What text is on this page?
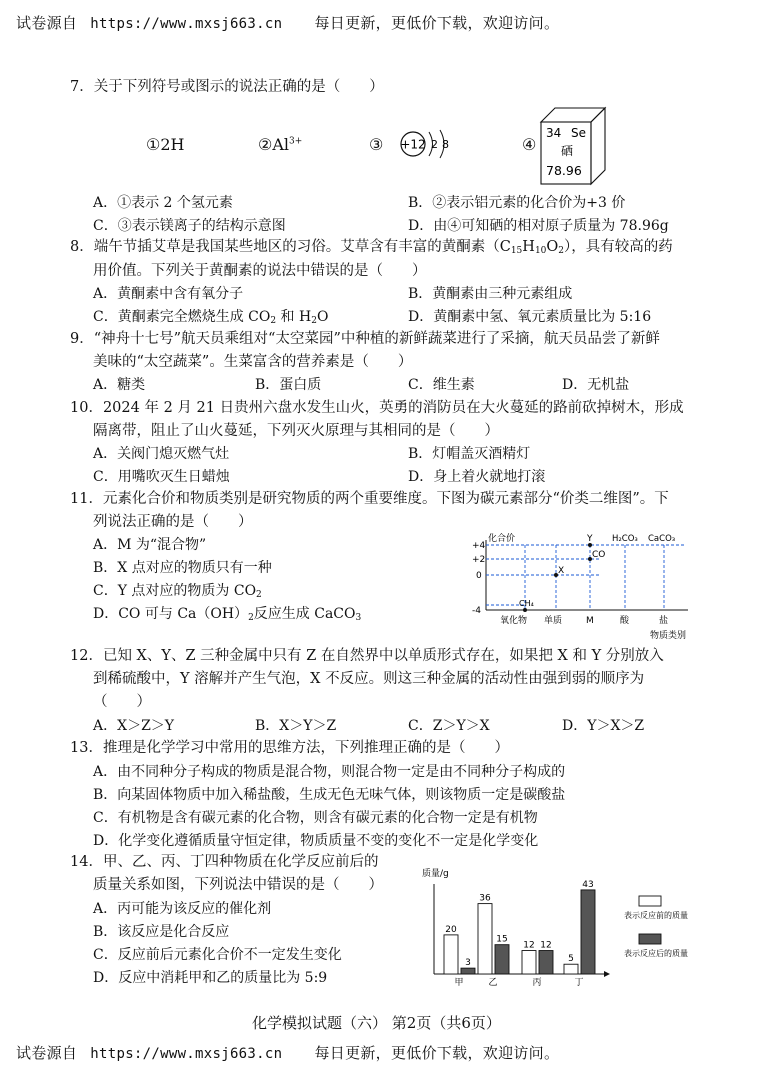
试卷源自 https://www.mxsj663.cn 每日更新，更低价下载，欢迎访问。
7．关于下列符号或图示的说法正确的是（　　）
①2H	$②Al^{3+}$	③ +12 2 8	④
34 Se
硒
78.96
A．①表示 2 个氢元素	B．②表示铝元素的化合价为+3 价
C．③表示镁离子的结构示意图	D．由④可知硒的相对原子质量为 78.96g
8．端午节插艾草是我国某些地区的习俗。艾草含有丰富的黄酮素$(C_{15}H_{10}O_2)$，具有较高的药
用价值。下列关于黄酮素的说法中错误的是（　　）
A．黄酮素中含有氧分子	B．黄酮素由三种元素组成
C．黄酮素完全燃烧生成 $CO_2$ 和 $H_2O$	D．黄酮素中氢、氧元素质量比为 5:16
9．“神舟十七号”航天员乘组对“太空菜园”中种植的新鲜蔬菜进行了采摘，航天员品尝了新鲜
美味的“太空蔬菜”。生菜富含的营养素是（　　）
A．糖类	B．蛋白质	C．维生素	D．无机盐
10．2024 年 2 月 21 日贵州六盘水发生山火，英勇的消防员在大火蔓延的路前砍掉树木，形成
隔离带，阻止了山火蔓延，下列灭火原理与其相同的是（　　）
A．关阀门熄灭燃气灶	B．灯帽盖灭酒精灯
C．用嘴吹灭生日蜡烛	D．身上着火就地打滚
11．元素化合价和物质类别是研究物质的两个重要维度。下图为碳元素部分“价类二维图”。下
列说法正确的是（　　）
A．M 为“混合物”
B．X 点对应的物质只有一种
C．Y 点对应的物质为 $CO_2$
D．CO 可与 $Ca(OH)_2$反应生成 CaCO$_3$
化合价
+4
+2
0
-4
Y
CO
X
CH₄
H₂CO₃ CaCO₃
氧化物 单质	M	酸	盐
物质类别
12．已知 X、Y、Z 三种金属中只有 Z 在自然界中以单质形式存在，如果把 X 和 Y 分别放入
到稀硫酸中，Y 溶解并产生气泡，X 不反应。则这三种金属的活动性由强到弱的顺序为
（　　）
A．X＞Z＞Y	B．X＞Y＞Z	C．Z＞Y＞X	D．Y＞X＞Z
13．推理是化学学习中常用的思维方法，下列推理正确的是（　　）
A．由不同种分子构成的物质是混合物，则混合物一定是由不同种分子构成的
B．向某固体物质中加入稀盐酸，生成无色无味气体，则该物质一定是碳酸盐
C．有机物是含有碳元素的化合物，则含有碳元素的化合物一定是有机物
D．化学变化遵循质量守恒定律，物质质量不变的变化不一定是化学变化
14．甲、乙、丙、丁四种物质在化学反应前后的
质量关系如图，下列说法中错误的是（　　）
A．丙可能为该反应的催化剂
B．该反应是化合反应
C．反应前后元素化合价不一定发生变化
D．反应中消耗甲和乙的质量比为 5:9
质量/g
表示反应前的质量
表示反应后的质量
20
3
甲
36
15
乙
12 12
丙
5
43
丁
化学模拟试题（六） 第2页（共6页）
试卷源自 https://www.mxsj663.cn 每日更新，更低价下载，欢迎访问。
